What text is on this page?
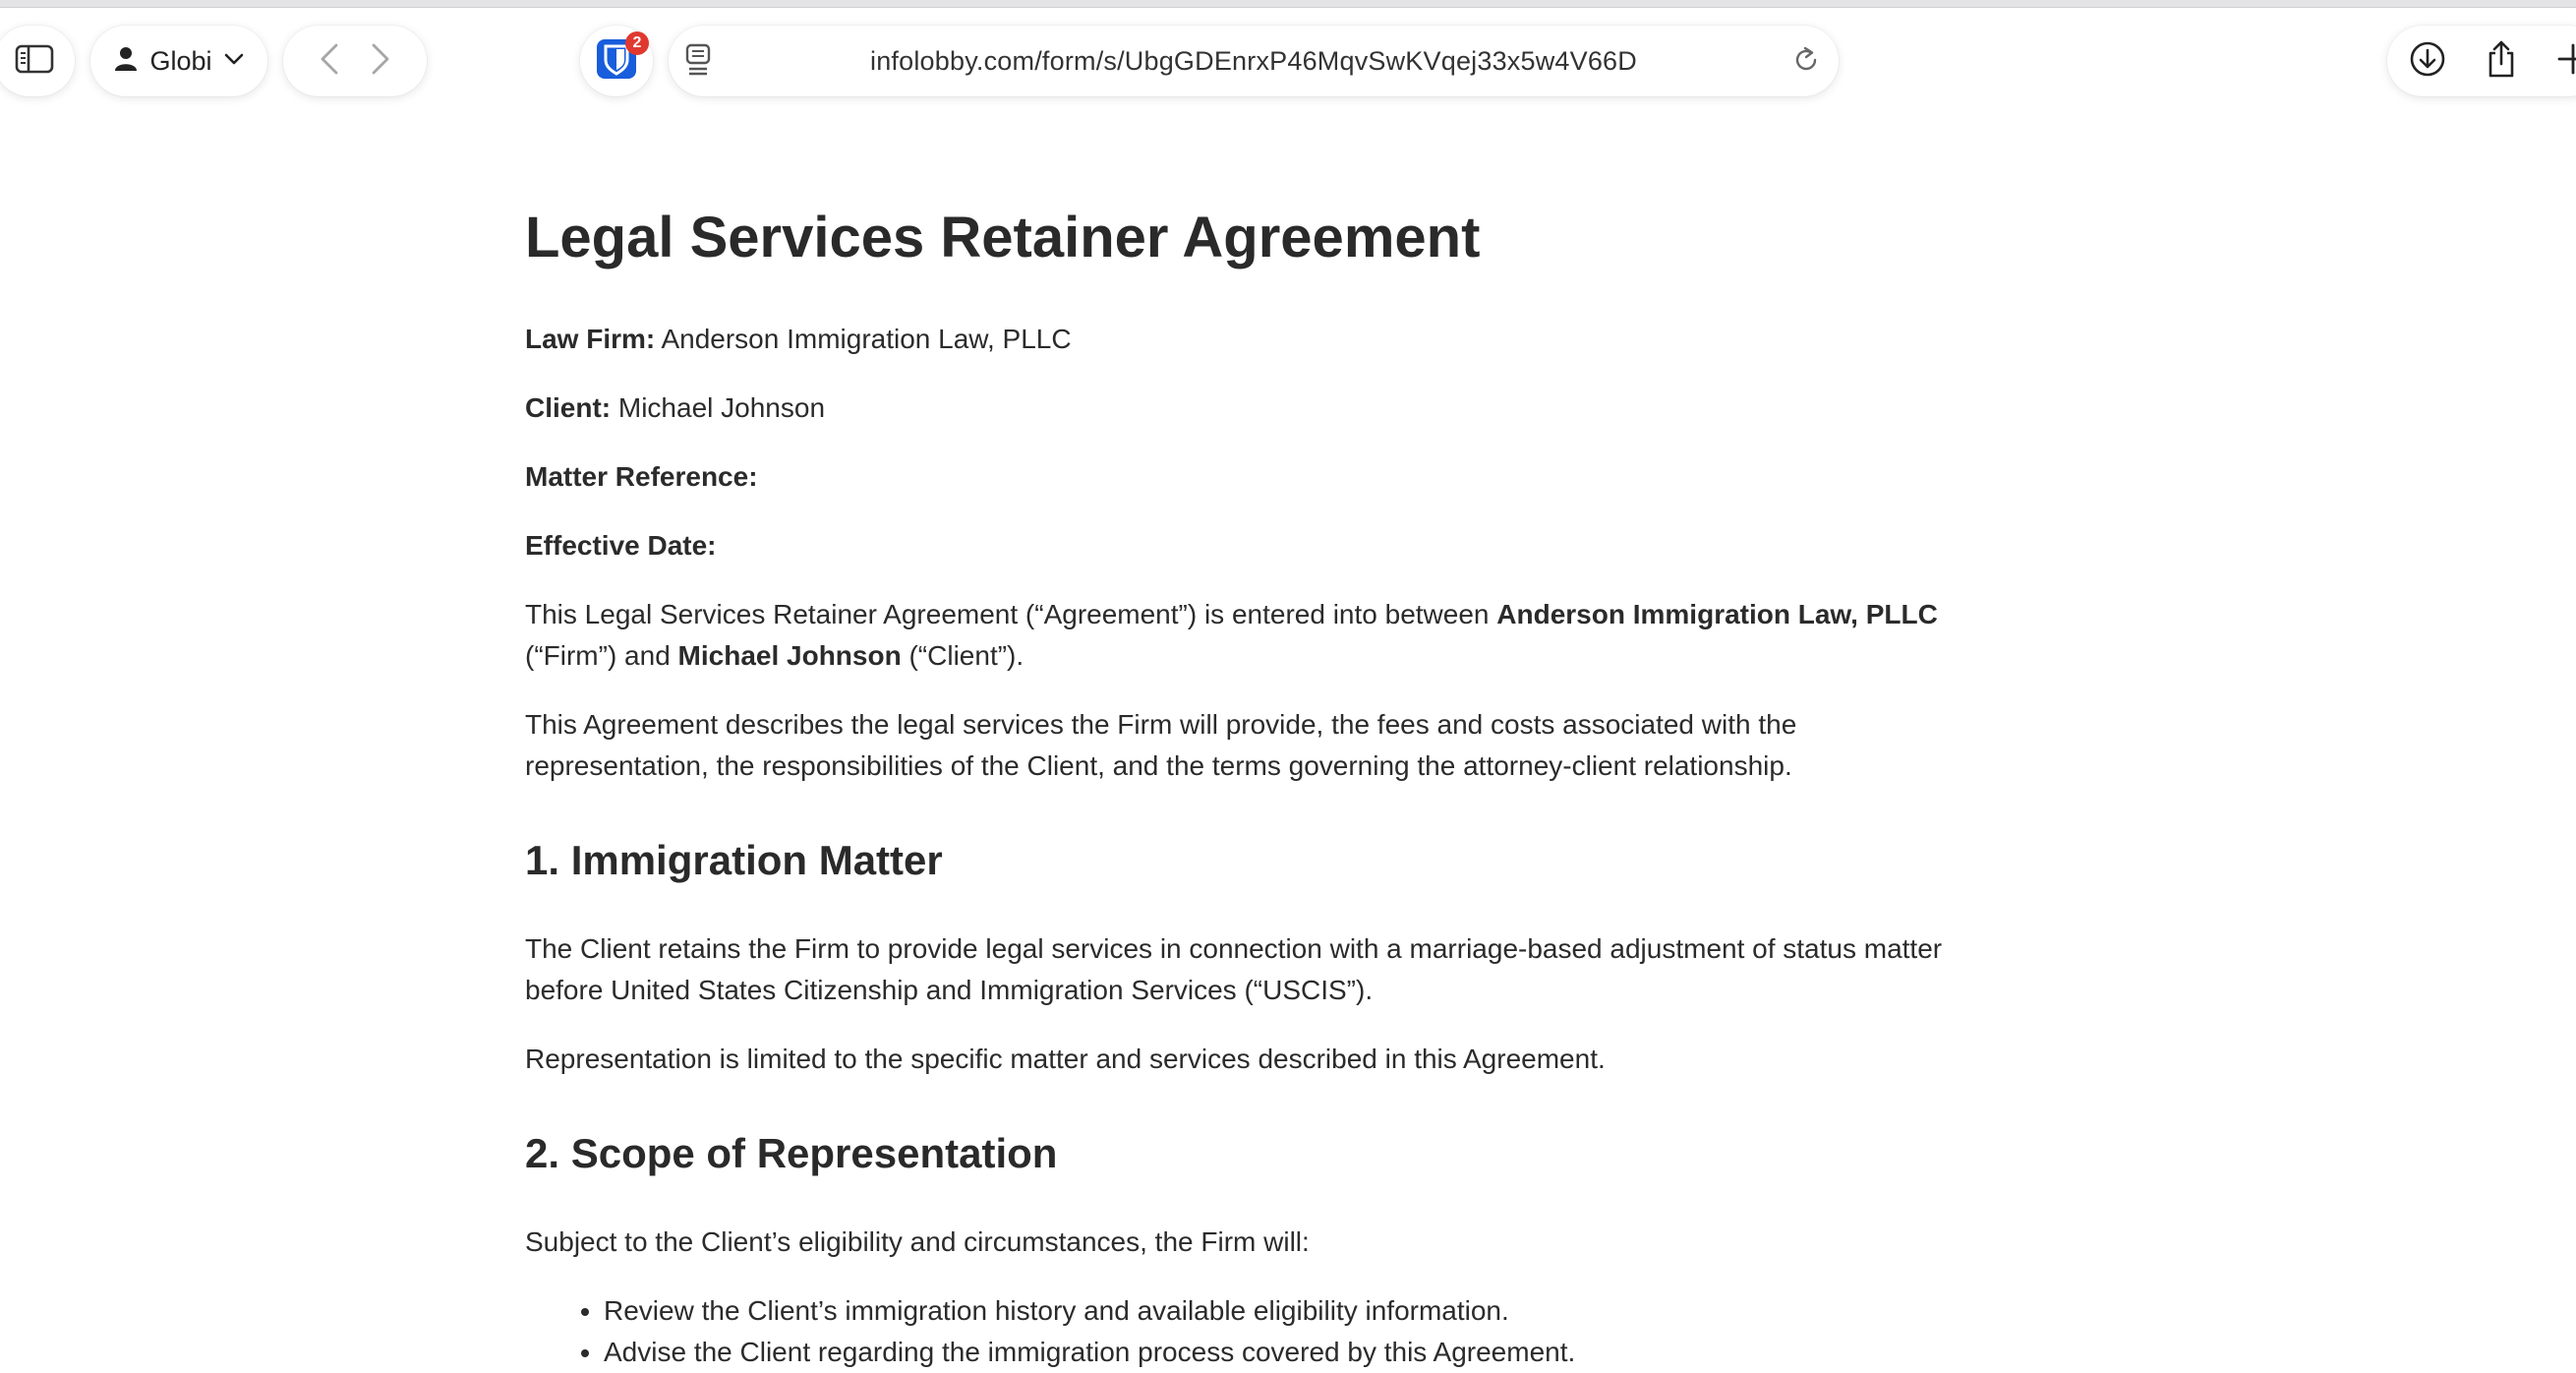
Globi
2
infolobby.com/form/s/UbgGDEnrxP46MqvSwKVqej33x5w4V66D
Legal Services Retainer Agreement

Law Firm: Anderson Immigration Law, PLLC

Client: Michael Johnson

Matter Reference:

Effective Date:

This Legal Services Retainer Agreement (“Agreement”) is entered into between Anderson Immigration Law, PLLC (“Firm”) and Michael Johnson (“Client”).

This Agreement describes the legal services the Firm will provide, the fees and costs associated with the representation, the responsibilities of the Client, and the terms governing the attorney-client relationship.

1. Immigration Matter

The Client retains the Firm to provide legal services in connection with a marriage-based adjustment of status matter before United States Citizenship and Immigration Services (“USCIS”).

Representation is limited to the specific matter and services described in this Agreement.

2. Scope of Representation

Subject to the Client’s eligibility and circumstances, the Firm will:

• Review the Client’s immigration history and available eligibility information.
• Advise the Client regarding the immigration process covered by this Agreement.
